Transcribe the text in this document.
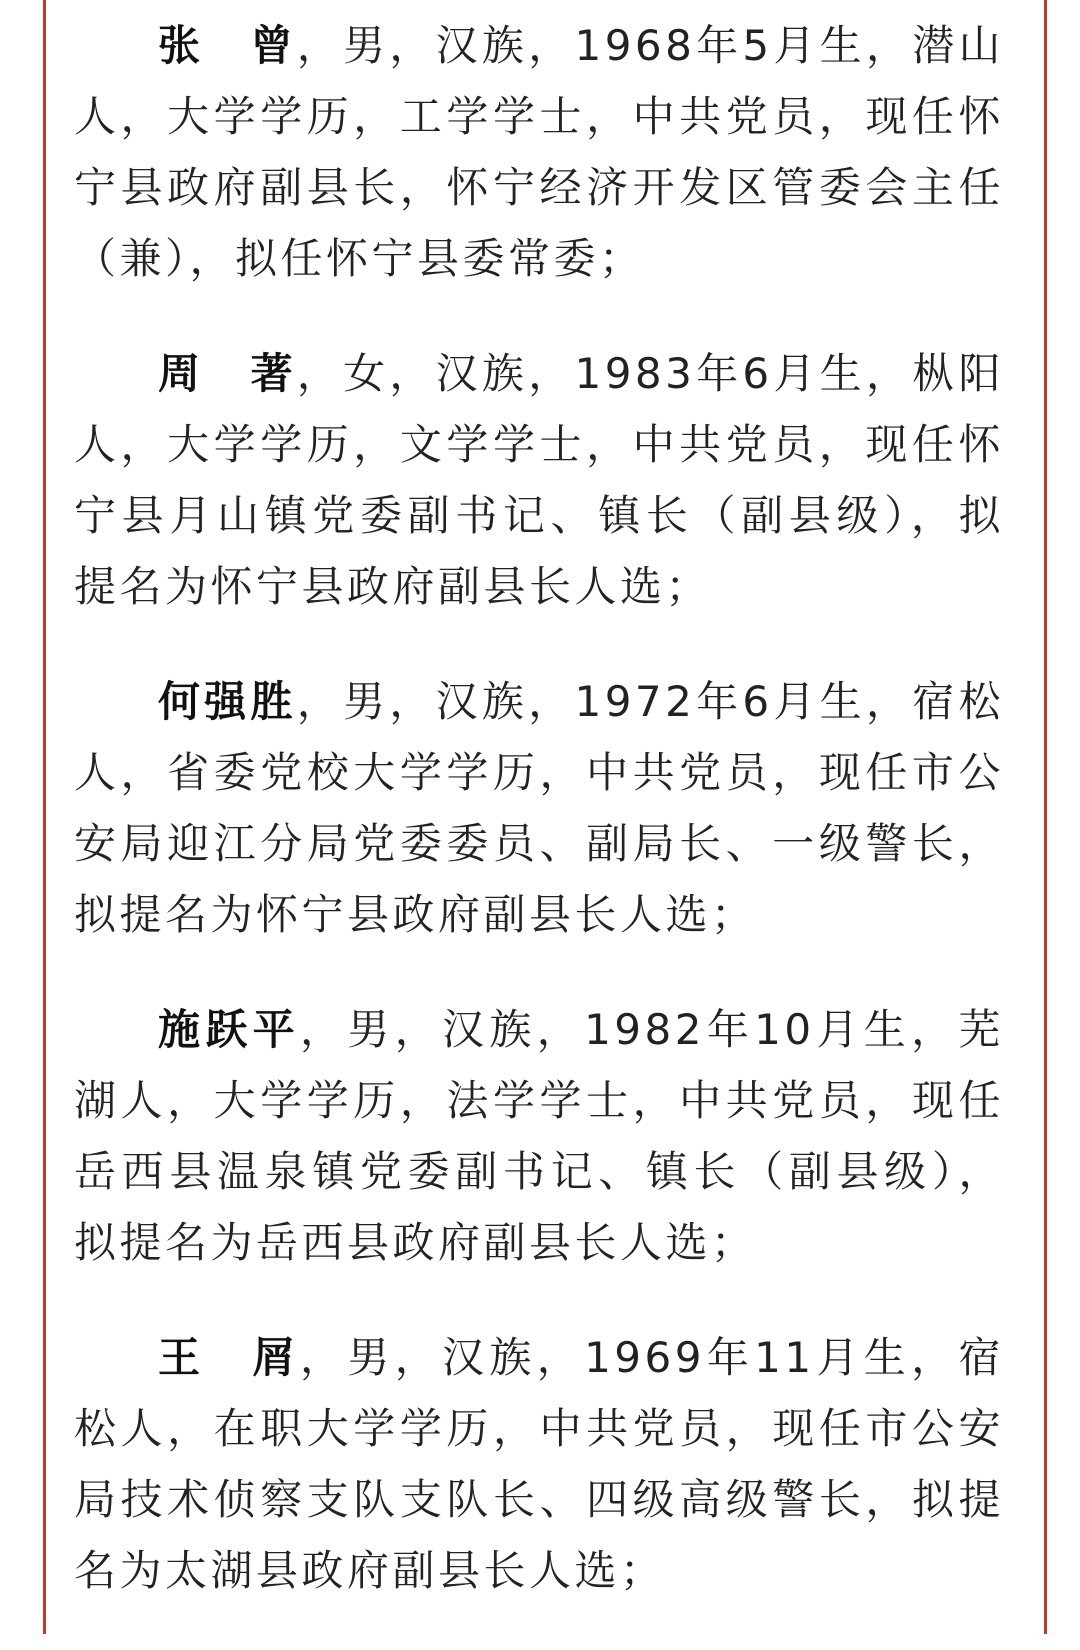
张　曾，男，汉族，1968年5月生，潜山人，大学学历，工学学士，中共党员，现任怀宁县政府副县长，怀宁经济开发区管委会主任（兼），拟任怀宁县委常委；

周　著，女，汉族，1983年6月生，枞阳人，大学学历，文学学士，中共党员，现任怀宁县月山镇党委副书记、镇长（副县级），拟提名为怀宁县政府副县长人选；

何强胜，男，汉族，1972年6月生，宿松人，省委党校大学学历，中共党员，现任市公安局迎江分局党委委员、副局长、一级警长，拟提名为怀宁县政府副县长人选；

施跃平，男，汉族，1982年10月生，芜湖人，大学学历，法学学士，中共党员，现任岳西县温泉镇党委副书记、镇长（副县级），拟提名为岳西县政府副县长人选；

王　屑，男，汉族，1969年11月生，宿松人，在职大学学历，中共党员，现任市公安局技术侦察支队支队长、四级高级警长，拟提名为太湖县政府副县长人选；
